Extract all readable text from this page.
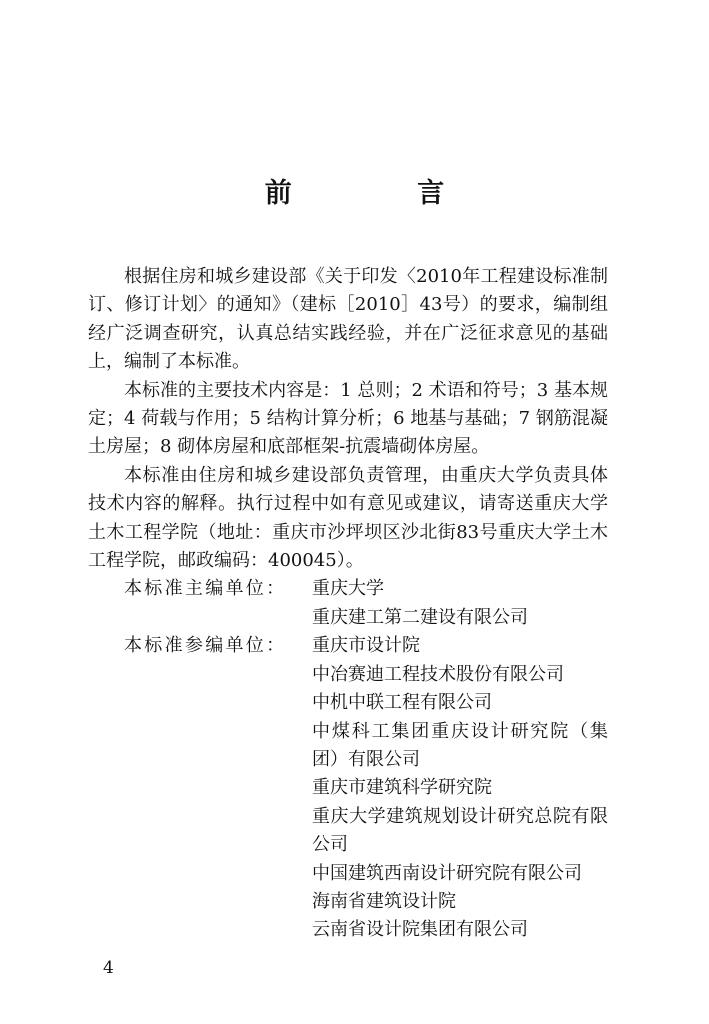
前 言

根据住房和城乡建设部《关于印发〈2010年工程建设标准制订、修订计划〉的通知》（建标［2010］43号）的要求，编制组经广泛调查研究，认真总结实践经验，并在广泛征求意见的基础上，编制了本标准。

本标准的主要技术内容是：1 总则；2 术语和符号；3 基本规定；4 荷载与作用；5 结构计算分析；6 地基与基础；7 钢筋混凝土房屋；8 砌体房屋和底部框架-抗震墙砌体房屋。

本标准由住房和城乡建设部负责管理，由重庆大学负责具体技术内容的解释。执行过程中如有意见或建议，请寄送重庆大学土木工程学院（地址：重庆市沙坪坝区沙北街83号重庆大学土木工程学院，邮政编码：400045）。

本标准主编单位：	重庆大学
重庆建工第二建设有限公司
本标准参编单位：	重庆市设计院
中冶赛迪工程技术股份有限公司
中机中联工程有限公司
中煤科工集团重庆设计研究院（集团）有限公司
重庆市建筑科学研究院
重庆大学建筑规划设计研究总院有限公司
中国建筑西南设计研究院有限公司
海南省建筑设计院
云南省设计院集团有限公司
4
